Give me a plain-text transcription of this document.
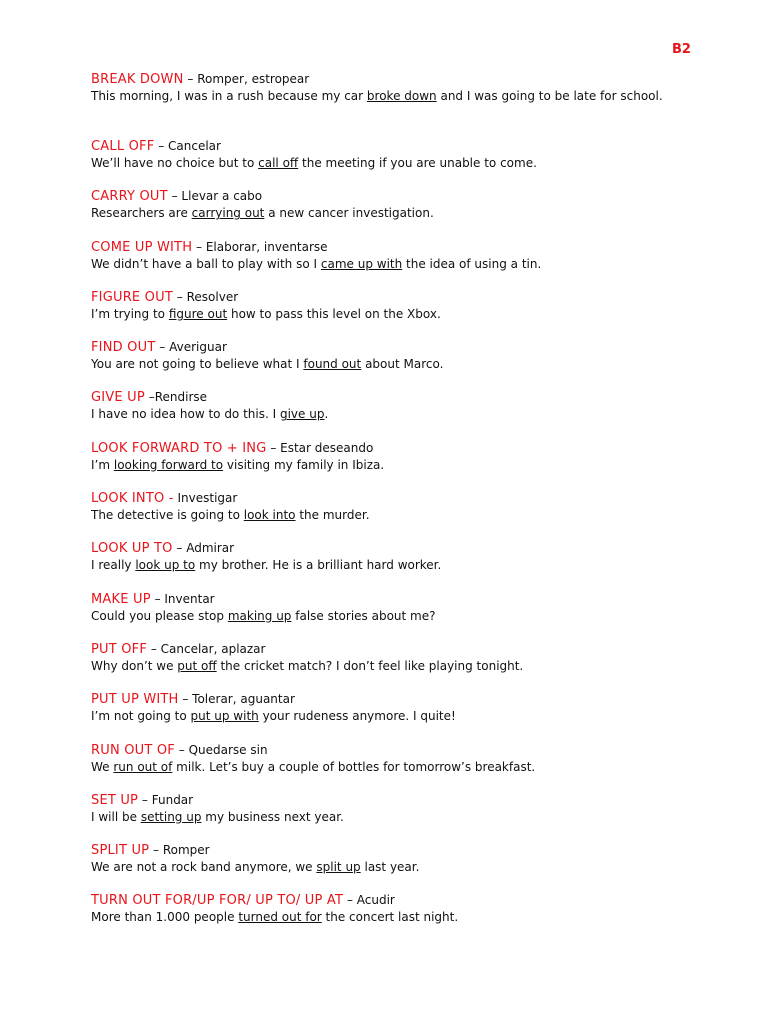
B2
BREAK DOWN – Romper, estropear
This morning, I was in a rush because my car broke down and I was going to be late for school.
CALL OFF – Cancelar
We’ll have no choice but to call off the meeting if you are unable to come.
CARRY OUT – Llevar a cabo
Researchers are carrying out a new cancer investigation.
COME UP WITH – Elaborar, inventarse
We didn’t have a ball to play with so I came up with the idea of using a tin.
FIGURE OUT – Resolver
I’m trying to figure out how to pass this level on the Xbox.
FIND OUT – Averiguar
You are not going to believe what I found out about Marco.
GIVE UP –Rendirse
I have no idea how to do this. I give up.
LOOK FORWARD TO + ING – Estar deseando
I’m looking forward to visiting my family in Ibiza.
LOOK INTO - Investigar
The detective is going to look into the murder.
LOOK UP TO – Admirar
I really look up to my brother. He is a brilliant hard worker.
MAKE UP – Inventar
Could you please stop making up false stories about me?
PUT OFF – Cancelar, aplazar
Why don’t we put off the cricket match? I don’t feel like playing tonight.
PUT UP WITH – Tolerar, aguantar
I’m not going to put up with your rudeness anymore. I quite!
RUN OUT OF – Quedarse sin
We run out of milk. Let’s buy a couple of bottles for tomorrow’s breakfast.
SET UP – Fundar
I will be setting up my business next year.
SPLIT UP – Romper
We are not a rock band anymore, we split up last year.
TURN OUT FOR/UP FOR/ UP TO/ UP AT – Acudir
More than 1.000 people turned out for the concert last night.
